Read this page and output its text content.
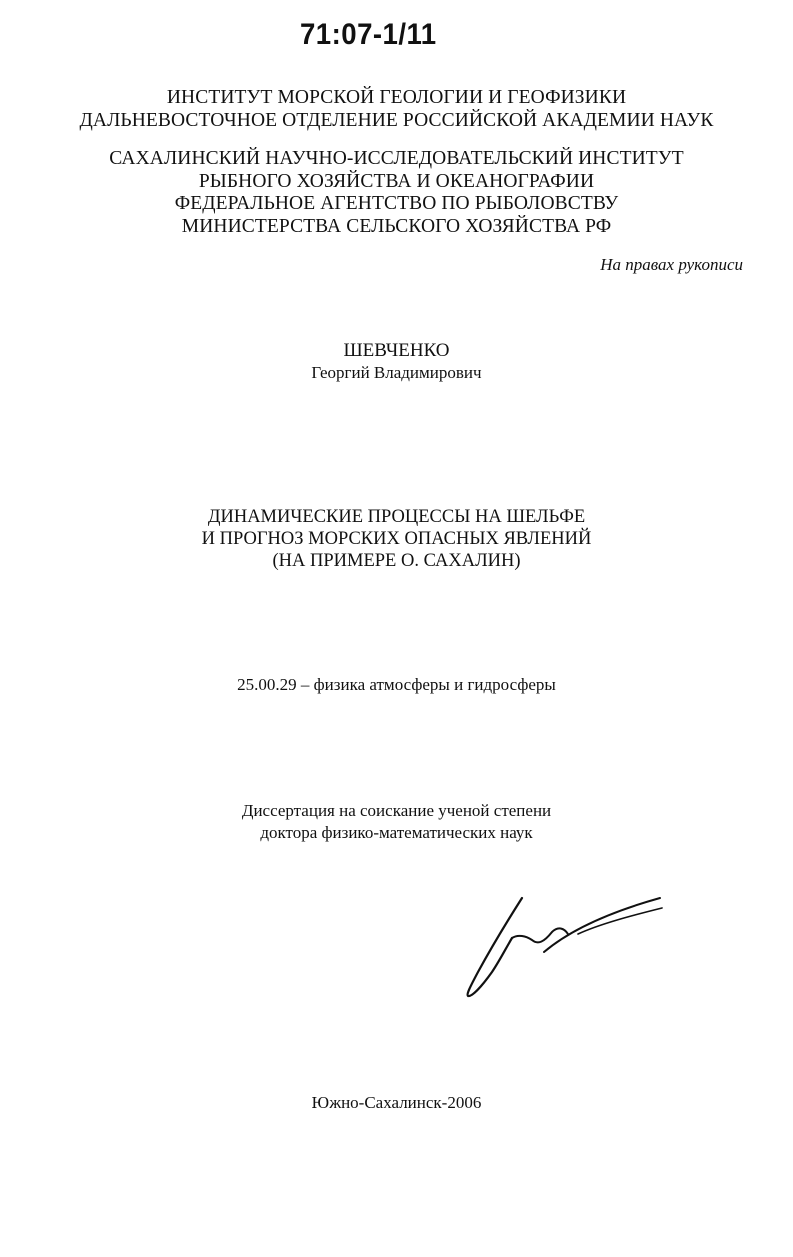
71:07-1/11
ИНСТИТУТ МОРСКОЙ ГЕОЛОГИИ И ГЕОФИЗИКИ
ДАЛЬНЕВОСТОЧНОЕ ОТДЕЛЕНИЕ РОССИЙСКОЙ АКАДЕМИИ НАУК
САХАЛИНСКИЙ НАУЧНО-ИССЛЕДОВАТЕЛЬСКИЙ ИНСТИТУТ
РЫБНОГО ХОЗЯЙСТВА И ОКЕАНОГРАФИИ
ФЕДЕРАЛЬНОЕ АГЕНТСТВО ПО РЫБОЛОВСТВУ
МИНИСТЕРСТВА СЕЛЬСКОГО ХОЗЯЙСТВА РФ
На правах рукописи
ШЕВЧЕНКО
Георгий Владимирович
ДИНАМИЧЕСКИЕ ПРОЦЕССЫ НА ШЕЛЬФЕ
И ПРОГНОЗ МОРСКИХ ОПАСНЫХ ЯВЛЕНИЙ
(НА ПРИМЕРЕ О. САХАЛИН)
25.00.29 – физика атмосферы и гидросферы
Диссертация на соискание ученой степени
доктора физико-математических наук
Южно-Сахалинск-2006
